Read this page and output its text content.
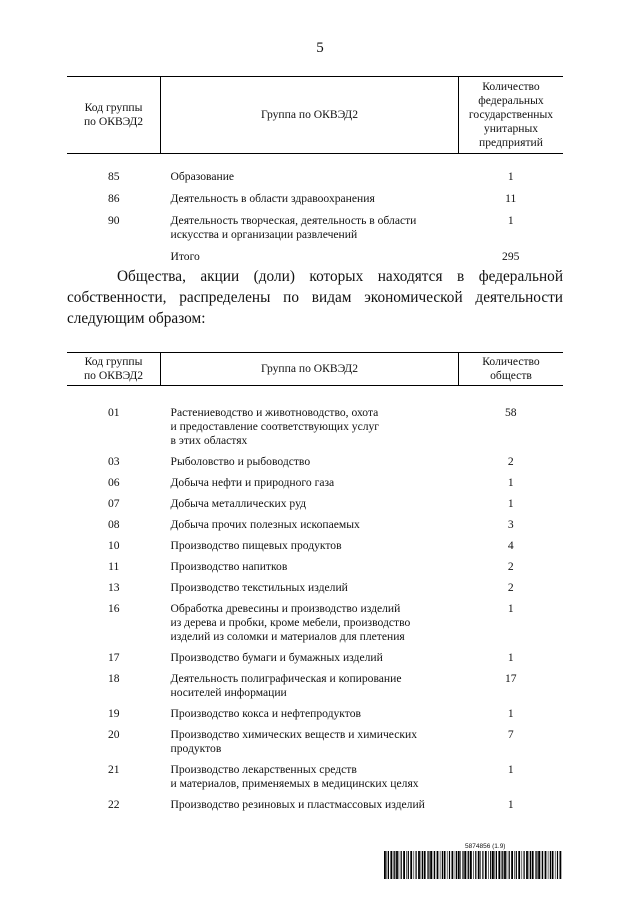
5
Код группы
по ОКВЭД2	Группа по ОКВЭД2	Количество
федеральных
государственных
унитарных
предприятий
85	Образование	1
86	Деятельность в области здравоохранения	11
90	Деятельность творческая, деятельность в области
искусства и организации развлечений	1
	Итого	295
Общества, акции (доли) которых находятся в федеральной собственности, распределены по видам экономической деятельности следующим образом:
Код группы
по ОКВЭД2	Группа по ОКВЭД2	Количество
обществ
01	Растениеводство и животноводство, охота
и предоставление соответствующих услуг
в этих областях	58
03	Рыболовство и рыбоводство	2
06	Добыча нефти и природного газа	1
07	Добыча металлических руд	1
08	Добыча прочих полезных ископаемых	3
10	Производство пищевых продуктов	4
11	Производство напитков	2
13	Производство текстильных изделий	2
16	Обработка древесины и производство изделий
из дерева и пробки, кроме мебели, производство
изделий из соломки и материалов для плетения	1
17	Производство бумаги и бумажных изделий	1
18	Деятельность полиграфическая и копирование
носителей информации	17
19	Производство кокса и нефтепродуктов	1
20	Производство химических веществ и химических
продуктов	7
21	Производство лекарственных средств
и материалов, применяемых в медицинских целях	1
22	Производство резиновых и пластмассовых изделий	1
5874856 (1.9)
